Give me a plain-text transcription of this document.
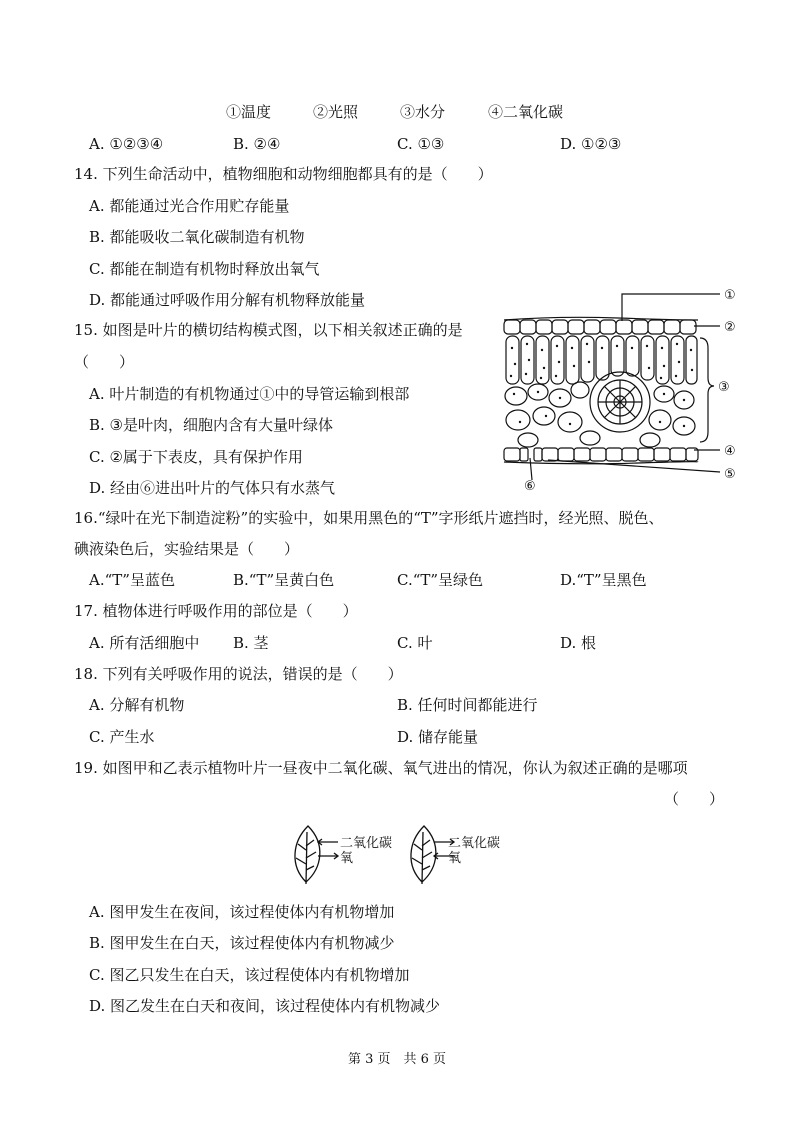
①温度	②光照	③水分	④二氧化碳
A. ①②③④	B. ②④	C. ①③	D. ①②③
14. 下列生命活动中，植物细胞和动物细胞都具有的是（　　）
A. 都能通过光合作用贮存能量
B. 都能吸收二氧化碳制造有机物
C. 都能在制造有机物时释放出氧气
D. 都能通过呼吸作用分解有机物释放能量
15. 如图是叶片的横切结构模式图，以下相关叙述正确的是
（　　）
A. 叶片制造的有机物通过①中的导管运输到根部
B. ③是叶肉，细胞内含有大量叶绿体
C. ②属于下表皮，具有保护作用
D. 经由⑥进出叶片的气体只有水蒸气
①
②
③
④
⑤
⑥
16.“绿叶在光下制造淀粉”的实验中，如果用黑色的“T”字形纸片遮挡时，经光照、脱色、
碘液染色后，实验结果是（　　）
A.“T”呈蓝色	B.“T”呈黄白色	C.“T”呈绿色	D.“T”呈黑色
17. 植物体进行呼吸作用的部位是（　　）
A. 所有活细胞中 B. 茎	C. 叶	D. 根
18. 下列有关呼吸作用的说法，错误的是（　　）
A. 分解有机物	B. 任何时间都能进行
C. 产生水	D. 储存能量
19. 如图甲和乙表示植物叶片一昼夜中二氧化碳、氧气进出的情况，你认为叙述正确的是哪项
（　　）
二氧化碳
氧
二氧化碳
氧
A. 图甲发生在夜间，该过程使体内有机物增加
B. 图甲发生在白天，该过程使体内有机物减少
C. 图乙只发生在白天，该过程使体内有机物增加
D. 图乙发生在白天和夜间，该过程使体内有机物减少
第 3 页　共 6 页
